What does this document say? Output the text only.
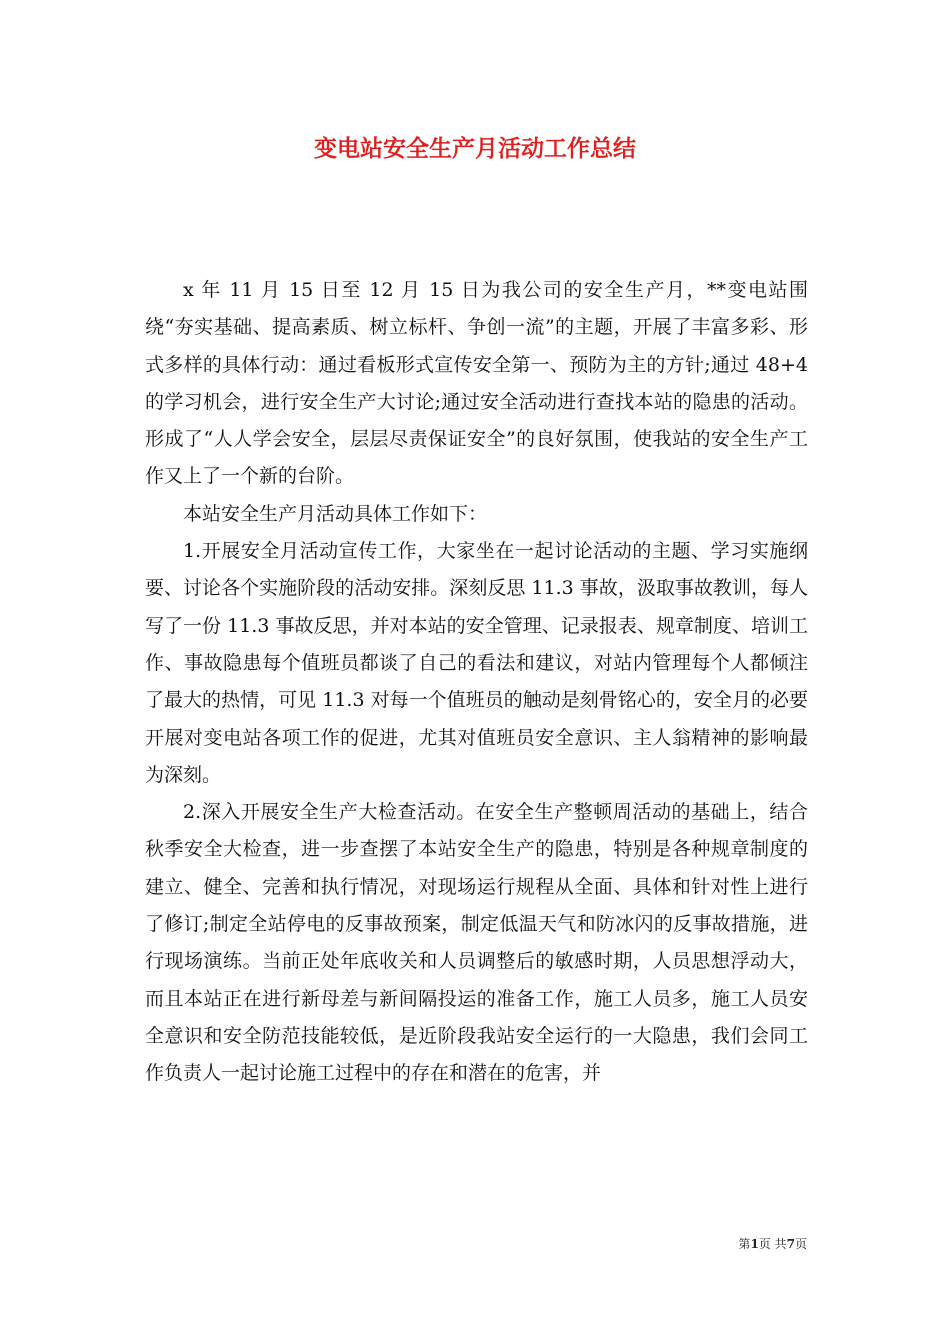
变电站安全生产月活动工作总结

x 年 11 月 15 日至 12 月 15 日为我公司的安全生产月，**变电站围绕“夯实基础、提高素质、树立标杆、争创一流”的主题，开展了丰富多彩、形式多样的具体行动：通过看板形式宣传安全第一、预防为主的方针;通过 48+4 的学习机会，进行安全生产大讨论;通过安全活动进行查找本站的隐患的活动。形成了“人人学会安全，层层尽责保证安全”的良好氛围，使我站的安全生产工作又上了一个新的台阶。

本站安全生产月活动具体工作如下：

1.开展安全月活动宣传工作，大家坐在一起讨论活动的主题、学习实施纲要、讨论各个实施阶段的活动安排。深刻反思 11.3 事故，汲取事故教训，每人写了一份 11.3 事故反思，并对本站的安全管理、记录报表、规章制度、培训工作、事故隐患每个值班员都谈了自己的看法和建议，对站内管理每个人都倾注了最大的热情，可见 11.3 对每一个值班员的触动是刻骨铭心的，安全月的必要开展对变电站各项工作的促进，尤其对值班员安全意识、主人翁精神的影响最为深刻。

2.深入开展安全生产大检查活动。在安全生产整顿周活动的基础上，结合秋季安全大检查，进一步查摆了本站安全生产的隐患，特别是各种规章制度的建立、健全、完善和执行情况，对现场运行规程从全面、具体和针对性上进行了修订;制定全站停电的反事故预案，制定低温天气和防冰闪的反事故措施，进行现场演练。当前正处年底收关和人员调整后的敏感时期，人员思想浮动大，而且本站正在进行新母差与新间隔投运的准备工作，施工人员多，施工人员安全意识和安全防范技能较低，是近阶段我站安全运行的一大隐患，我们会同工作负责人一起讨论施工过程中的存在和潜在的危害，并

第1页 共7页
